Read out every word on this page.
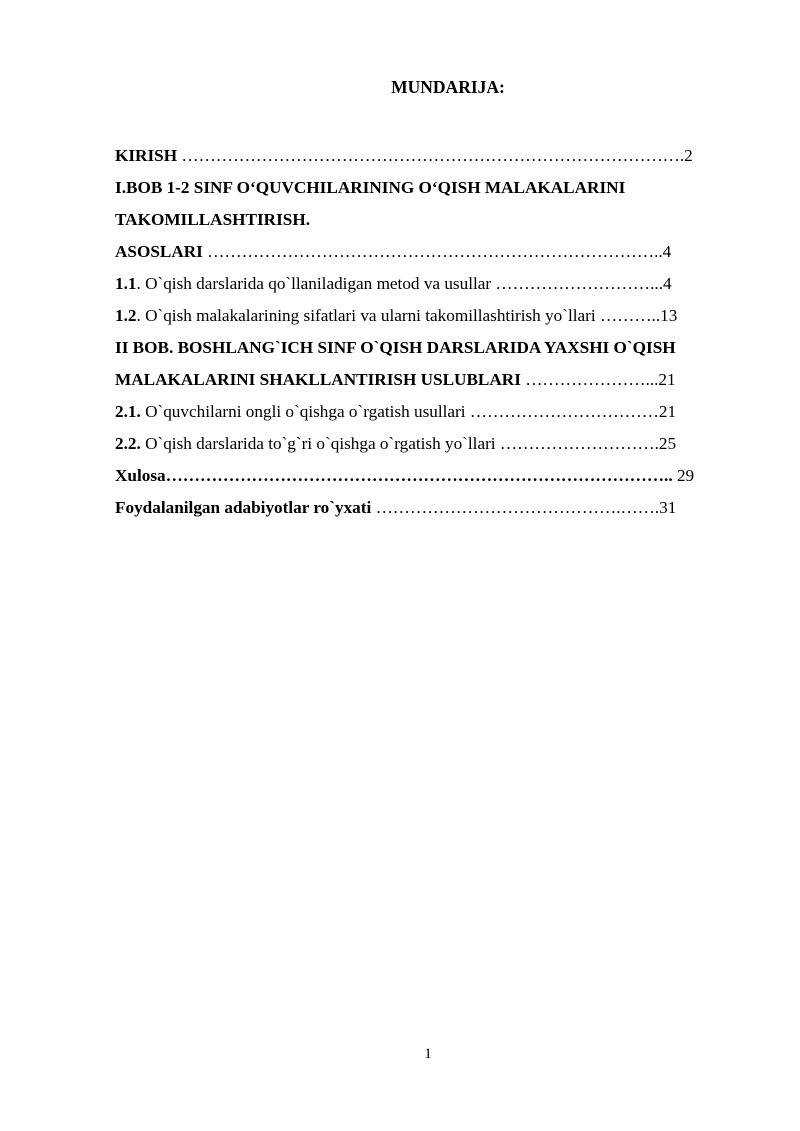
MUNDARIJA:
KIRISH …………………………………………………………………………….2
I.BOB 1-2 SINF O‘QUVCHILARINING O‘QISH MALAKALARINI
TAKOMILLASHTIRISH.
ASOSLARI ……………………………………………………………………..4
1.1. O`qish darslarida qo`llaniladigan metod va usullar ………………………...4
1.2. O`qish malakalarining sifatlari va ularni takomillashtirish yo`llari ………..13
II BOB. BOSHLANG`ICH SINF O`QISH DARSLARIDA YAXSHI O`QISH
MALAKALARINI SHAKLLANTIRISH USLUBLARI …………………...21
2.1. O`quvchilarni ongli o`qishga o`rgatish usullari ……………………………21
2.2. O`qish darslarida to`g`ri o`qishga o`rgatish yo`llari ……………………….25
Xulosa…………………………………………………………………………….. 29
Foydalanilgan adabiyotlar ro`yxati …………………………………….…….31
1
